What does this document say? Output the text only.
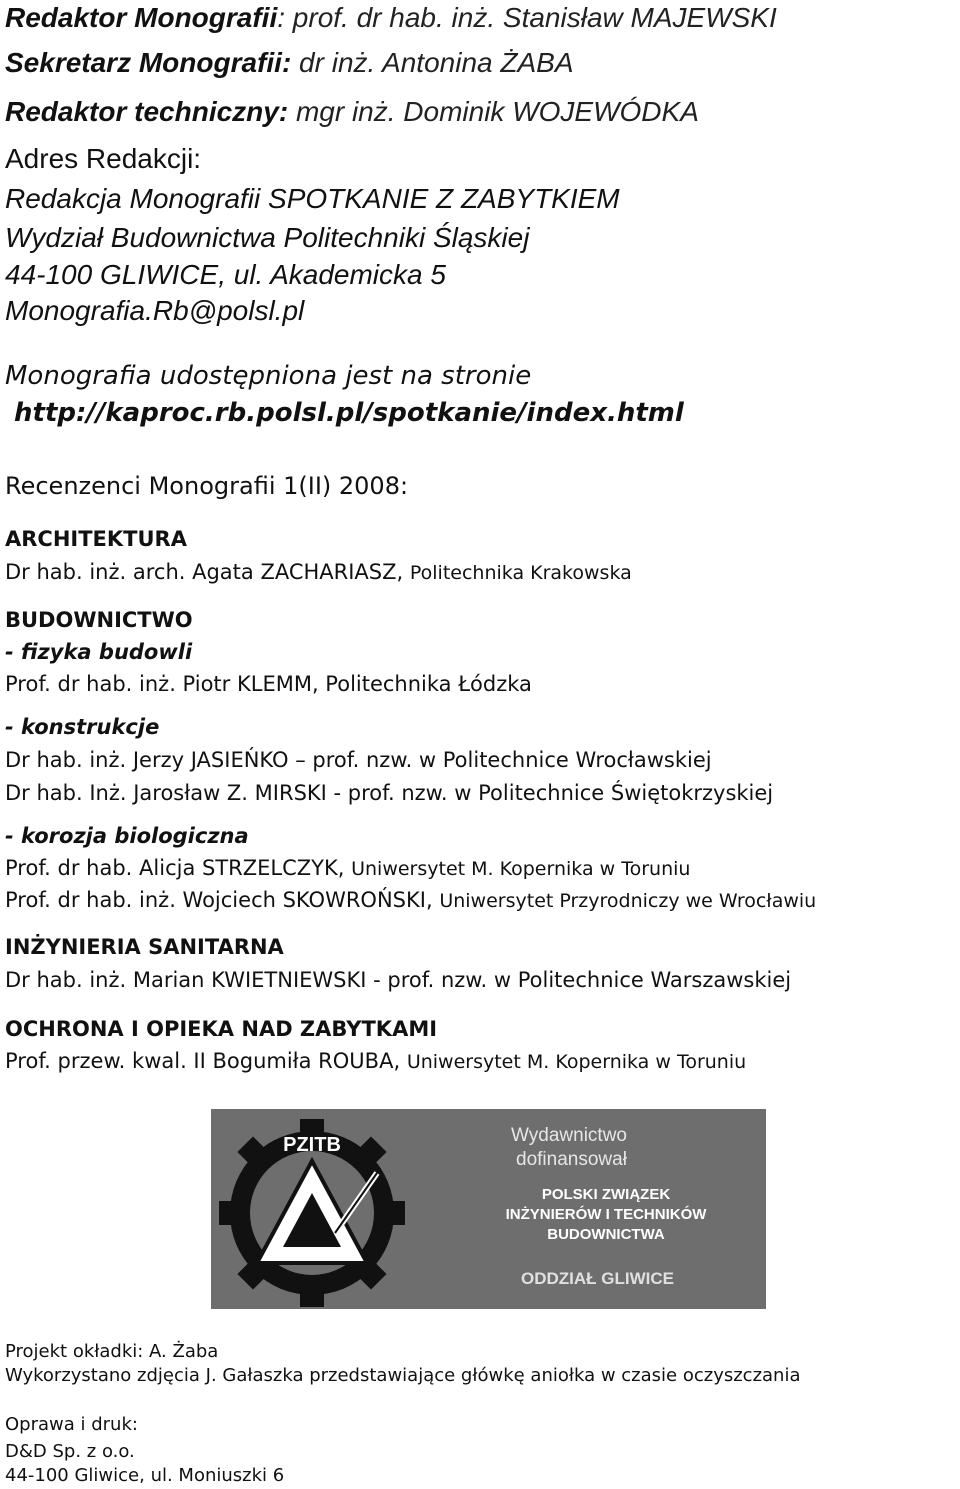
Redaktor Monografii: prof. dr hab. inż. Stanisław MAJEWSKI
Sekretarz Monografii: dr inż. Antonina ŻABA
Redaktor techniczny: mgr inż. Dominik WOJEWÓDKA
Adres Redakcji:
Redakcja Monografii SPOTKANIE Z ZABYTKIEM
Wydział Budownictwa Politechniki Śląskiej
44-100 GLIWICE, ul. Akademicka 5
Monografia.Rb@polsl.pl
Monografia udostępniona jest na stronie
http://kaproc.rb.polsl.pl/spotkanie/index.html
Recenzenci Monografii 1(II) 2008:
ARCHITEKTURA
Dr hab. inż. arch. Agata ZACHARIASZ, Politechnika Krakowska
BUDOWNICTWO
- fizyka budowli
Prof. dr hab. inż. Piotr KLEMM, Politechnika Łódzka
- konstrukcje
Dr hab. inż. Jerzy JASIEŃKO – prof. nzw. w Politechnice Wrocławskiej
Dr hab. Inż. Jarosław Z. MIRSKI - prof. nzw. w Politechnice Świętokrzyskiej
- korozja biologiczna
Prof. dr hab. Alicja STRZELCZYK, Uniwersytet M. Kopernika w Toruniu
Prof. dr hab. inż. Wojciech SKOWROŃSKI, Uniwersytet Przyrodniczy we Wrocławiu
INŻYNIERIA SANITARNA
Dr hab. inż. Marian KWIETNIEWSKI - prof. nzw. w Politechnice Warszawskiej
OCHRONA I OPIEKA NAD ZABYTKAMI
Prof. przew. kwal. II Bogumiła ROUBA, Uniwersytet M. Kopernika w Toruniu
PZITB	Wydawnictwo
dofinansował
POLSKI ZWIĄZEK
INŻYNIERÓW I TECHNIKÓW
BUDOWNICTWA
ODDZIAŁ GLIWICE
Projekt okładki: A. Żaba
Wykorzystano zdjęcia J. Gałaszka przedstawiające główkę aniołka w czasie oczyszczania
Oprawa i druk:
D&D Sp. z o.o.
44-100 Gliwice, ul. Moniuszki 6
